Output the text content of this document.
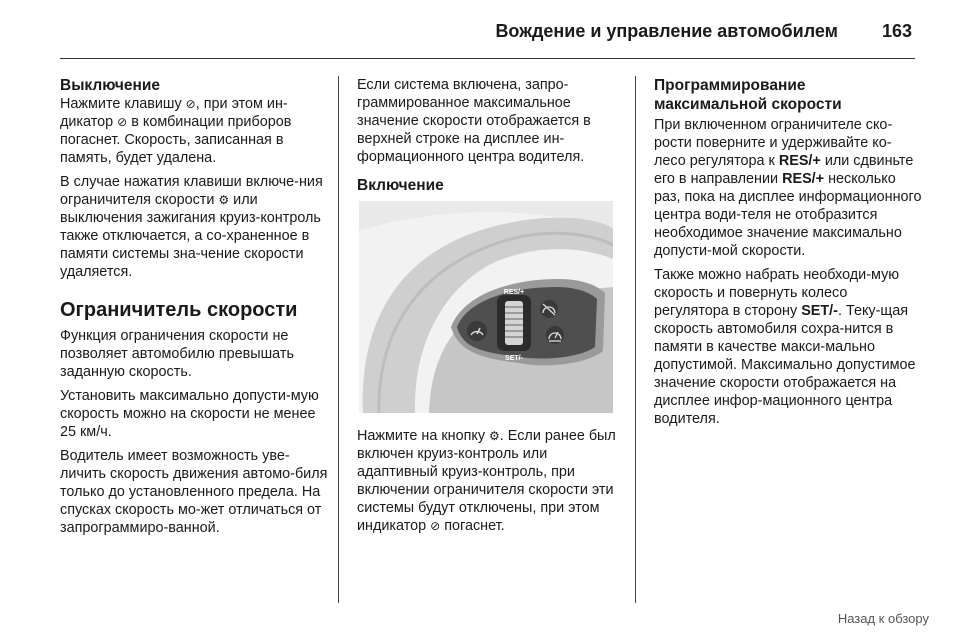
Вождение и управление автомобилем 163
Выключение

Нажмите клавишу ⊘, при этом ин-дикатор ⊘ в комбинации приборов погаснет. Скорость, записанная в память, будет удалена.

В случае нажатия клавиши включе-ния ограничителя скорости ⚙ или выключения зажигания круиз-контроль также отключается, а со-храненное в памяти системы зна-чение скорости удаляется.

Ограничитель скорости

Функция ограничения скорости не позволяет автомобилю превышать заданную скорость.

Установить максимально допусти-мую скорость можно на скорости не менее 25 км/ч.

Водитель имеет возможность уве-личить скорость движения автомо-биля только до установленного предела. На спусках скорость мо-жет отличаться от запрограммиро-ванной.

Если система включена, запро-граммированное максимальное значение скорости отображается в верхней строке на дисплее ин-формационного центра водителя.

Включение
RES/+
SET/-

Нажмите на кнопку ⚙. Если ранее был включен круиз-контроль или адаптивный круиз-контроль, при включении ограничителя скорости эти системы будут отключены, при этом индикатор ⊘ погаснет.

Программирование максимальной скорости

При включенном ограничителе ско-рости поверните и удерживайте ко-лесо регулятора к RES/+ или сдвиньте его в направлении RES/+ несколько раз, пока на дисплее информационного центра води-теля не отобразится необходимое значение максимально допусти-мой скорости.

Также можно набрать необходи-мую скорость и повернуть колесо регулятора в сторону SET/-. Теку-щая скорость автомобиля сохра-нится в памяти в качестве макси-мально допустимой. Максимально допустимое значение скорости отображается на дисплее инфор-мационного центра водителя.

Назад к обзору
